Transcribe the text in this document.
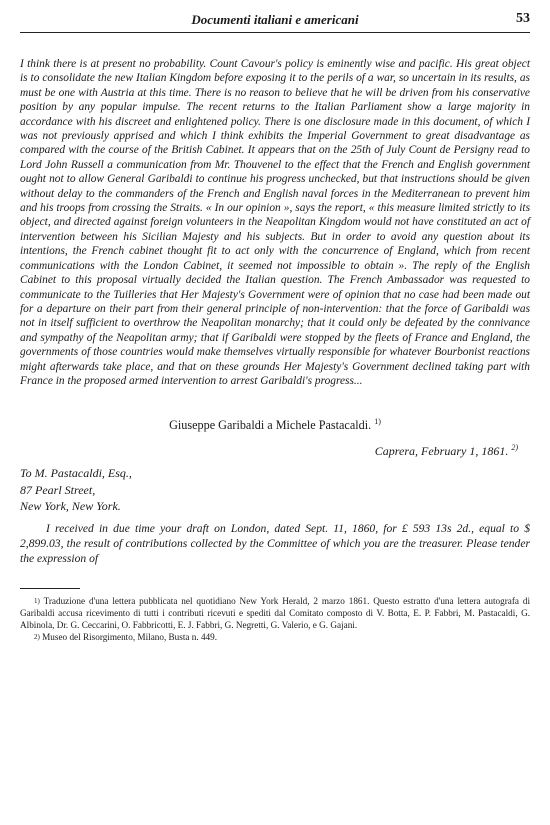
Documenti italiani e americani	53
I think there is at present no probability. Count Cavour's policy is eminently wise and pacific. His great object is to consolidate the new Italian Kingdom before exposing it to the perils of a war, so uncertain in its results, as must be one with Austria at this time. There is no reason to believe that he will be driven from his conservative position by any popular impulse. The recent returns to the Italian Parliament show a large majority in accordance with his discreet and enlightened policy. There is one disclosure made in this document, of which I was not previously apprised and which I think exhibits the Imperial Government to great disadvantage as compared with the course of the British Cabinet. It appears that on the 25th of July Count de Persigny read to Lord John Russell a communication from Mr. Thouvenel to the effect that the French and English government ought not to allow General Garibaldi to continue his progress unchecked, but that instructions should be given without delay to the commanders of the French and English naval forces in the Mediterranean to prevent him and his troops from crossing the Straits. « In our opinion », says the report, « this measure limited strictly to its object, and directed against foreign volunteers in the Neapolitan Kingdom would not have constituted an act of intervention between his Sicilian Majesty and his subjects. But in order to avoid any question about its intentions, the French cabinet thought fit to act only with the concurrence of England, which from recent communications with the London Cabinet, it seemed not impossible to obtain ». The reply of the English Cabinet to this proposal virtually decided the Italian question. The French Ambassador was requested to communicate to the Tuilleries that Her Majesty's Government were of opinion that no case had been made out for a departure on their part from their general principle of non-intervention: that the force of Garibaldi was not in itself sufficient to overthrow the Neapolitan monarchy; that it could only be defeated by the connivance and sympathy of the Neapolitan army; that if Garibaldi were stopped by the fleets of France and England, the governments of those countries would make themselves virtually responsible for whatever Bourbonist reactions might afterwards take place, and that on these grounds Her Majesty's Government declined taking part with France in the proposed armed intervention to arrest Garibaldi's progress...
Giuseppe Garibaldi a Michele Pastacaldi. $^{1)}$
Caprera, February 1, 1861. $^{2)}$
To M. Pastacaldi, Esq.,
87 Pearl Street,
New York, New York.
I received in due time your draft on London, dated Sept. 11, 1860, for £ 593 13s 2d., equal to $ 2,899.03, the result of contributions collected by the Committee of which you are the treasurer. Please tender the expression of

$^{1)}$ Traduzione d'una lettera pubblicata nel quotidiano New York Herald, 2 marzo 1861. Questo estratto d'una lettera autografa di Garibaldi accusa ricevimento di tutti i contributi ricevuti e spediti dal Comitato composto di V. Botta, E. P. Fabbri, M. Pastacaldi, G. Albinola, Dr. G. Ceccarini, O. Fabbricotti, E. J. Fabbri, G. Negretti, G. Valerio, e G. Gajani.

$^{2)}$ Museo del Risorgimento, Milano, Busta n. 449.
